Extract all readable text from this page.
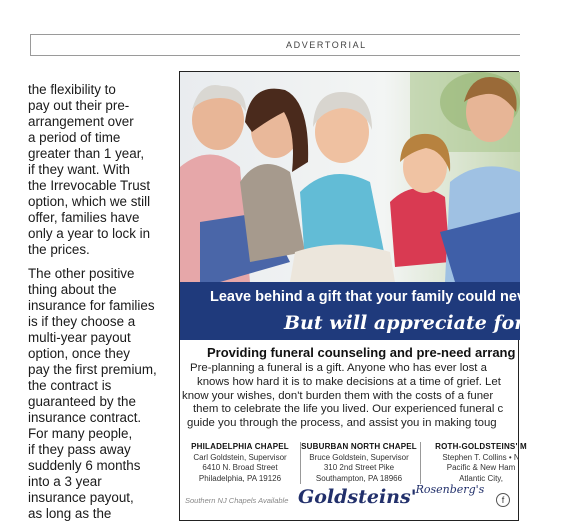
ADVERTORIAL

the flexibility to
pay out their pre-
arrangement over
a period of time
greater than 1 year,
if they want. With
the Irrevocable Trust
option, which we still
offer, families have
only a year to lock in
the prices.

The other positive
thing about the
insurance for families
is if they choose a
multi-year payout
option, once they
pay the first premium,
the contract is
guaranteed by the
insurance contract.
For many people,
if they pass away
suddenly 6 months
into a 3 year
insurance payout,
as long as the

Leave behind a gift that your family could nev
But will appreciate forever
Providing funeral counseling and pre-need arrang
Pre-planning a funeral is a gift. Anyone who has ever lost a
knows how hard it is to make decisions at a time of grief. Let
know your wishes, don't burden them with the costs of a funer
them to celebrate the life you lived. Our experienced funeral c
guide you through the process, and assist you in making toug
PHILADELPHIA CHAPEL
Carl Goldstein, Supervisor
6410 N. Broad Street
Philadelphia, PA 19126
SUBURBAN NORTH CHAPEL
Bruce Goldstein, Supervisor
310 2nd Street Pike
Southampton, PA 18966
ROTH-GOLDSTEINS' M
Stephen T. Collins • N
Pacific & New Ham
Atlantic City,
Southern NJ Chapels Available Goldsteins' $^{Rosenberg's}$
f
